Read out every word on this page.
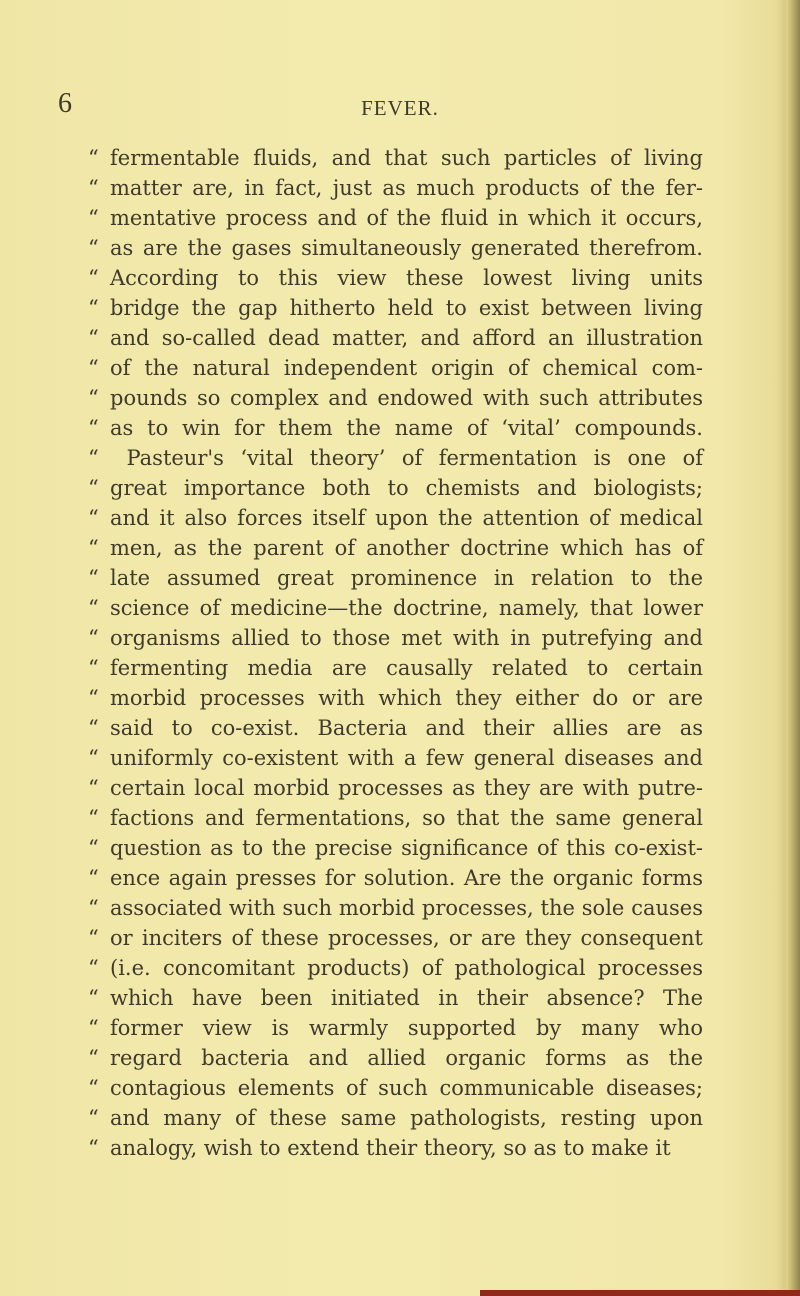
6	FEVER.
“ fermentable fluids, and that such particles of living
“ matter are, in fact, just as much products of the fer-
“ mentative process and of the fluid in which it occurs,
“ as are the gases simultaneously generated therefrom.
“ According to this view these lowest living units
“ bridge the gap hitherto held to exist between living
“ and so-called dead matter, and afford an illustration
“ of the natural independent origin of chemical com-
“ pounds so complex and endowed with such attributes
“ as to win for them the name of ‘vital’ compounds.
“ Pasteur's ‘vital theory’ of fermentation is one of
“ great importance both to chemists and biologists;
“ and it also forces itself upon the attention of medical
“ men, as the parent of another doctrine which has of
“ late assumed great prominence in relation to the
“ science of medicine—the doctrine, namely, that lower
“ organisms allied to those met with in putrefying and
“ fermenting media are causally related to certain
“ morbid processes with which they either do or are
“ said to co-exist. Bacteria and their allies are as
“ uniformly co-existent with a few general diseases and
“ certain local morbid processes as they are with putre-
“ factions and fermentations, so that the same general
“ question as to the precise significance of this co-exist-
“ ence again presses for solution. Are the organic forms
“ associated with such morbid processes, the sole causes
“ or inciters of these processes, or are they consequent
“ (i.e. concomitant products) of pathological processes
“ which have been initiated in their absence? The
“ former view is warmly supported by many who
“ regard bacteria and allied organic forms as the
“ contagious elements of such communicable diseases;
“ and many of these same pathologists, resting upon
“ analogy, wish to extend their theory, so as to make it
